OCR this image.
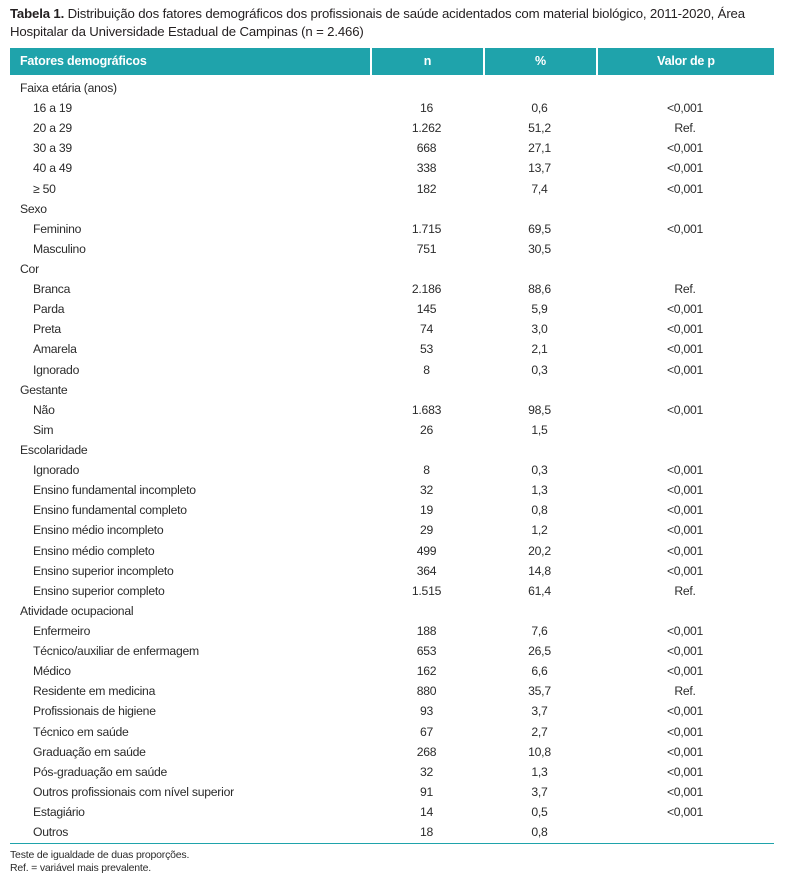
Tabela 1. Distribuição dos fatores demográficos dos profissionais de saúde acidentados com material biológico, 2011-2020, Área Hospitalar da Universidade Estadual de Campinas (n = 2.466)
Fatores demográficos	n	%	Valor de p
Faixa etária (anos)
16 a 19	16	0,6	<0,001
20 a 29	1.262	51,2	Ref.
30 a 39	668	27,1	<0,001
40 a 49	338	13,7	<0,001
≥ 50	182	7,4	<0,001
Sexo
Feminino	1.715	69,5	<0,001
Masculino	751	30,5
Cor
Branca	2.186	88,6	Ref.
Parda	145	5,9	<0,001
Preta	74	3,0	<0,001
Amarela	53	2,1	<0,001
Ignorado	8	0,3	<0,001
Gestante
Não	1.683	98,5	<0,001
Sim	26	1,5
Escolaridade
Ignorado	8	0,3	<0,001
Ensino fundamental incompleto	32	1,3	<0,001
Ensino fundamental completo	19	0,8	<0,001
Ensino médio incompleto	29	1,2	<0,001
Ensino médio completo	499	20,2	<0,001
Ensino superior incompleto	364	14,8	<0,001
Ensino superior completo	1.515	61,4	Ref.
Atividade ocupacional
Enfermeiro	188	7,6	<0,001
Técnico/auxiliar de enfermagem	653	26,5	<0,001
Médico	162	6,6	<0,001
Residente em medicina	880	35,7	Ref.
Profissionais de higiene	93	3,7	<0,001
Técnico em saúde	67	2,7	<0,001
Graduação em saúde	268	10,8	<0,001
Pós-graduação em saúde	32	1,3	<0,001
Outros profissionais com nível superior	91	3,7	<0,001
Estagiário	14	0,5	<0,001
Outros	18	0,8
Teste de igualdade de duas proporções.
Ref. = variável mais prevalente.
